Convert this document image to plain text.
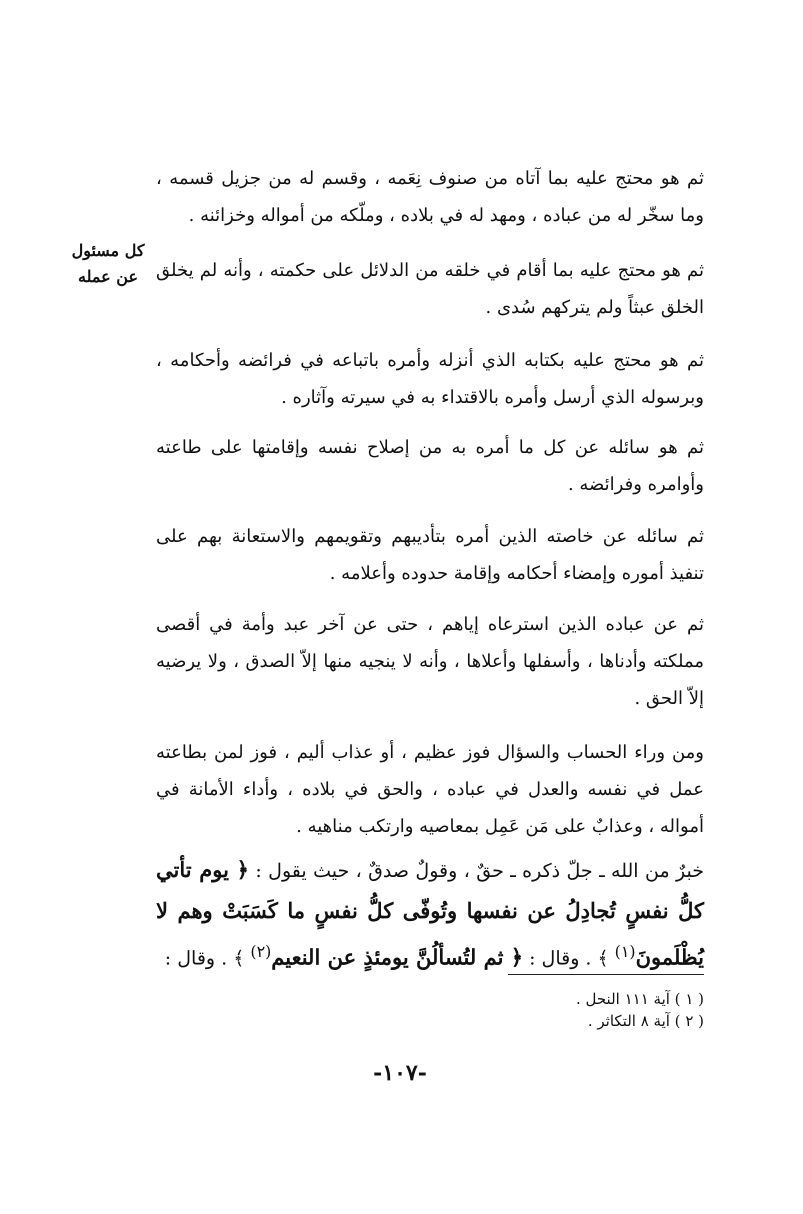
ثم هو محتج عليه بما آتاه من صنوف نِعَمه ، وقسم له من جزيل قسمه ، وما سخّر له من عباده ، ومهد له في بلاده ، وملّكه من أمواله وخزائنه .

ثم هو محتج عليه بما أقام في خلقه من الدلائل على حكمته ، وأنه لم يخلق الخلق عبثاً ولم يتركهم سُدى .

كل مسئول عن عمله

ثم هو محتج عليه بكتابه الذي أنزله وأمره باتباعه في فرائضه وأحكامه ، وبرسوله الذي أرسل وأمره بالاقتداء به في سيرته وآثاره .

ثم هو سائله عن كل ما أمره به من إصلاح نفسه وإقامتها على طاعته وأوامره وفرائضه .

ثم سائله عن خاصته الذين أمره بتأديبهم وتقويمهم والاستعانة بهم على تنفيذ أموره وإمضاء أحكامه وإقامة حدوده وأعلامه .

ثم عن عباده الذين استرعاه إياهم ، حتى عن آخر عبد وأمة في أقصى مملكته وأدناها ، وأسفلها وأعلاها ، وأنه لا ينجيه منها إلاّ الصدق ، ولا يرضيه إلاّ الحق .

ومن وراء الحساب والسؤال فوز عظيم ، أو عذاب أليم ، فوز لمن بطاعته عمل في نفسه والعدل في عباده ، والحق في بلاده ، وأداء الأمانة في أمواله ، وعذابٌ على مَن عَمِل بمعاصيه وارتكب مناهيه .

خبرٌ من الله ـ جلّ ذكره ـ حقٌ ، وقولٌ صدقٌ ، حيث يقول : ﴿ يوم تأتي كلُّ نفسٍ تُجادِلُ عن نفسها وتُوفّى كلُّ نفسٍ ما كَسَبَتْ وهم لا يُظْلَمونَ$^{(١)}$ ﴾ . وقال : ﴿ ثم لتُسألُنَّ يومئذٍ عن النعيم$^{(٢)}$ ﴾ . وقال :

( ١ ) آية ١١١ النحل .
( ٢ ) آية ٨ التكاثر .
-١٠٧-
